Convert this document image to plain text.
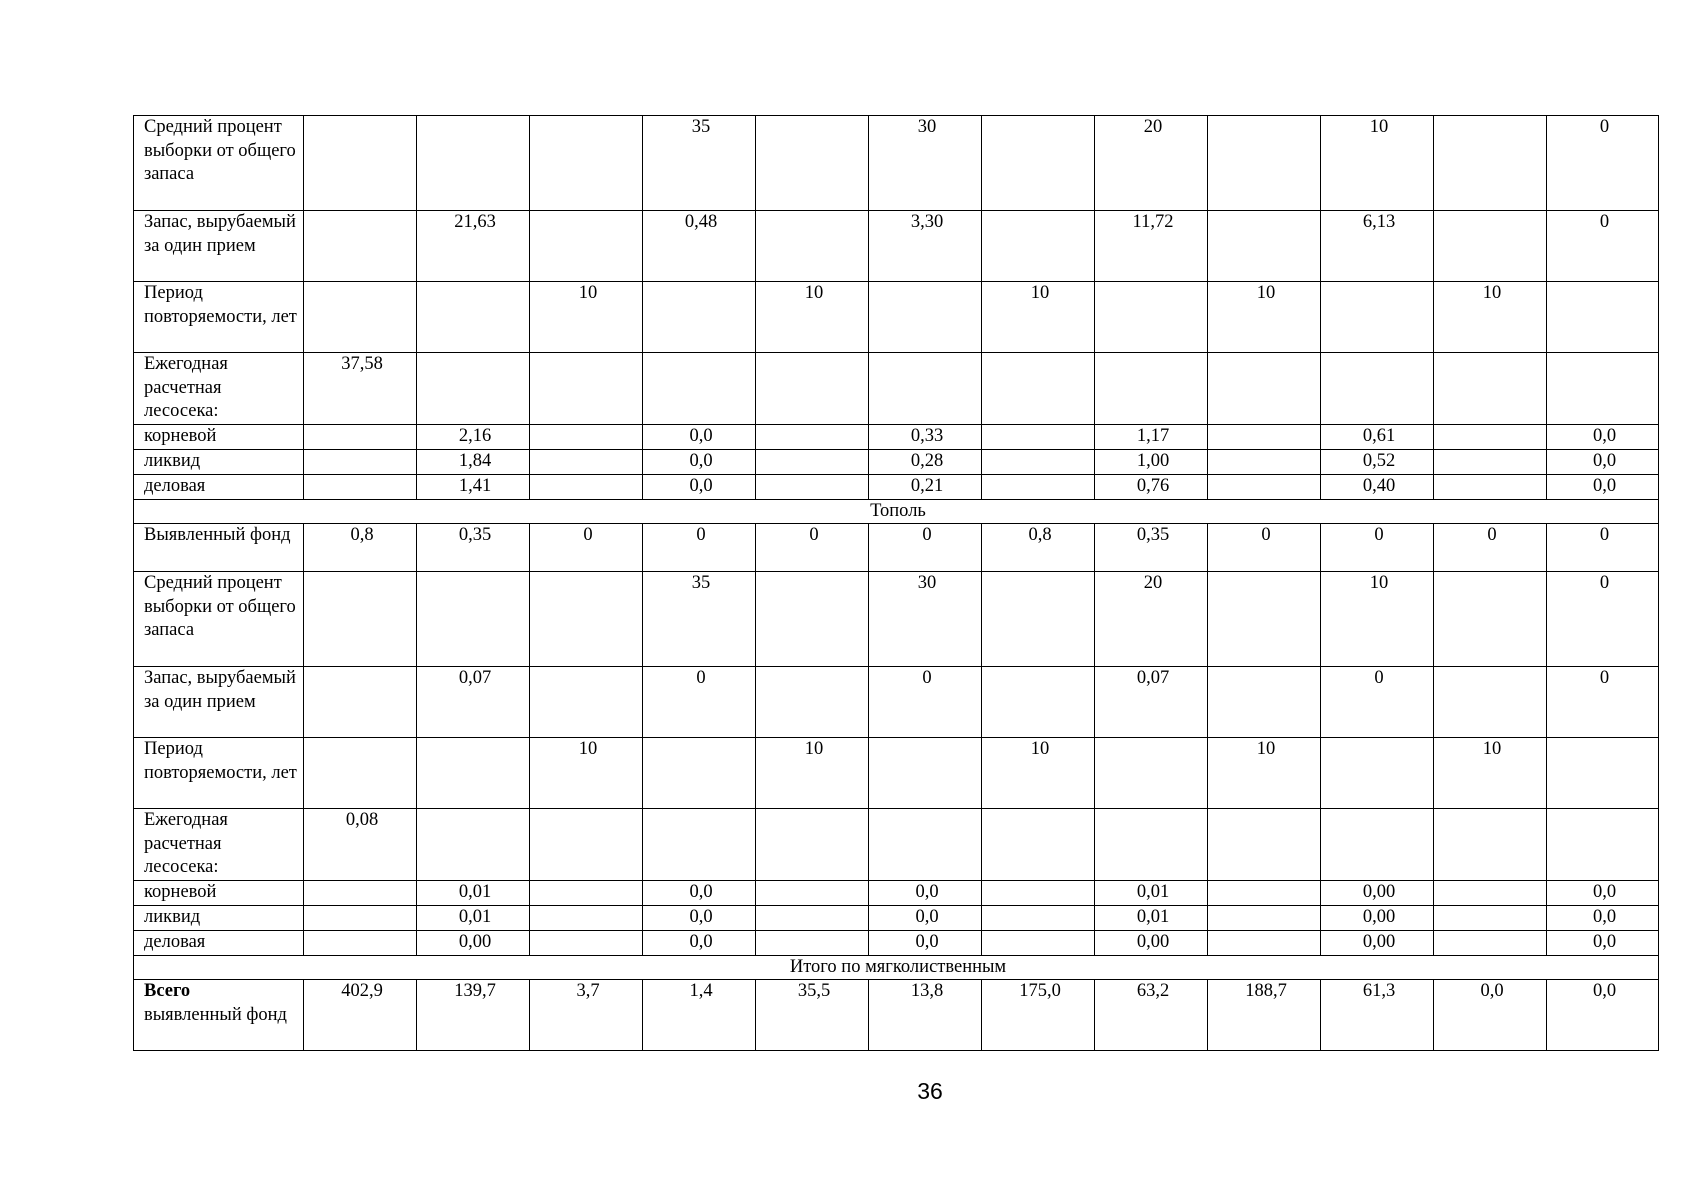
Средний процент выборки от общего запаса				35		30		20		10		0
Запас, вырубаемый за один прием		21,63		0,48		3,30		11,72		6,13		0
Период повторяемости, лет			10		10		10		10		10	
Ежегодная расчетная лесосека:	37,58											
корневой		2,16		0,0		0,33		1,17		0,61		0,0
ликвид		1,84		0,0		0,28		1,00		0,52		0,0
деловая		1,41		0,0		0,21		0,76		0,40		0,0
Тополь												
Выявленный фонд	0,8	0,35	0	0	0	0	0,8	0,35	0	0	0	0
Средний процент выборки от общего запаса				35		30		20		10		0
Запас, вырубаемый за один прием		0,07		0		0		0,07		0		0
Период повторяемости, лет			10		10		10		10		10	
Ежегодная расчетная лесосека:	0,08											
корневой		0,01		0,0		0,0		0,01		0,00		0,0
ликвид		0,01		0,0		0,0		0,01		0,00		0,0
деловая		0,00		0,0		0,0		0,00		0,00		0,0
Итого по мягколиственным												
Всего
выявленный фонд	402,9	139,7	3,7	1,4	35,5	13,8	175,0	63,2	188,7	61,3	0,0	0,0
36
